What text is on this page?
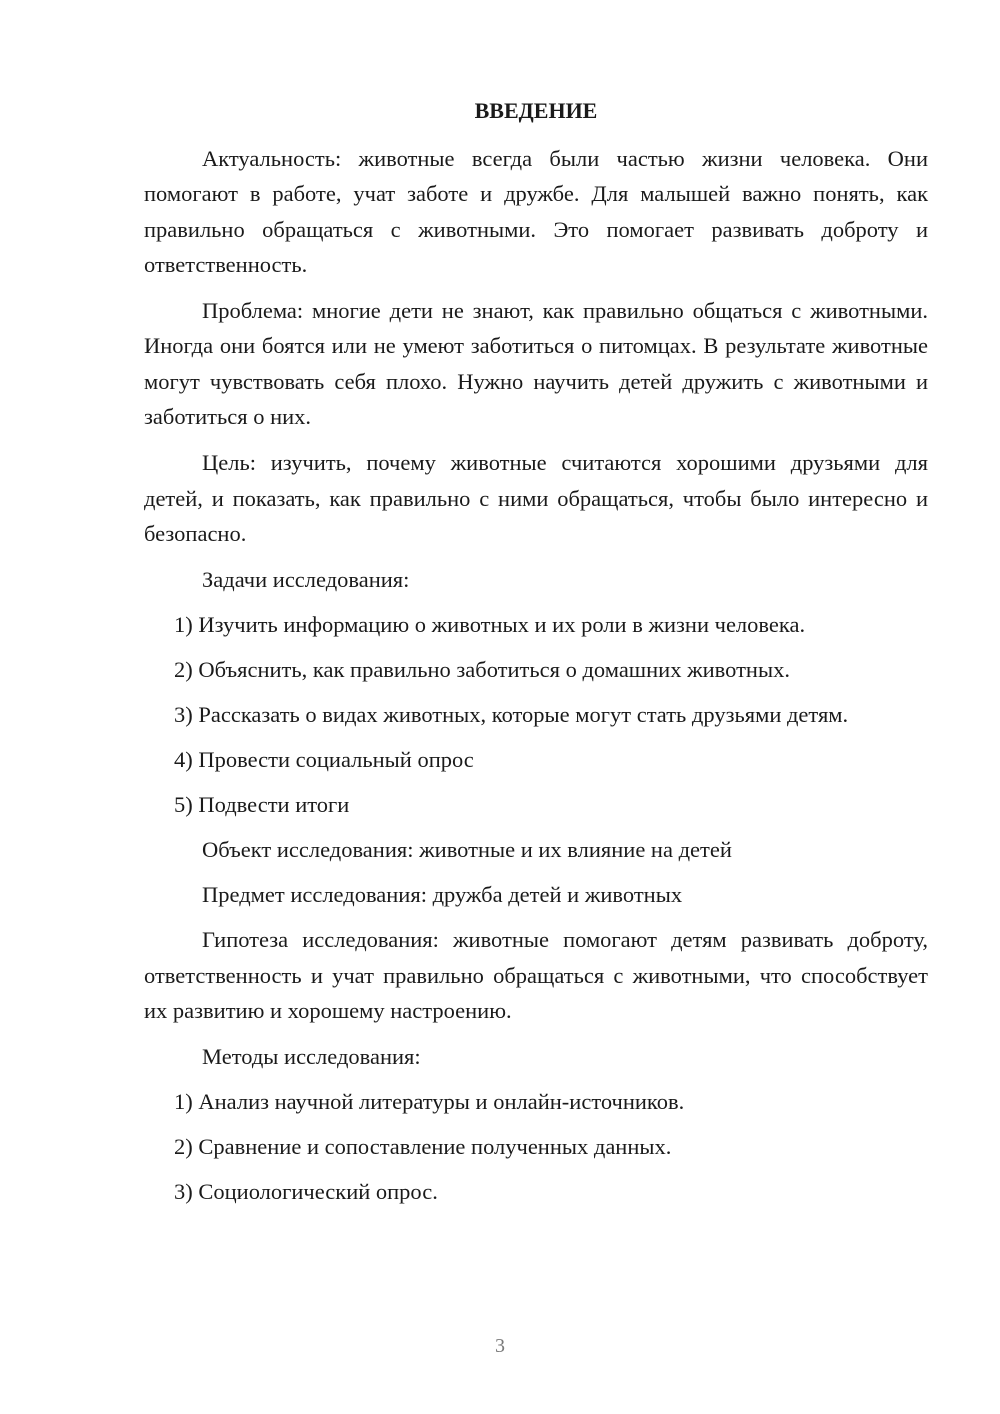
ВВЕДЕНИЕ

Актуальность: животные всегда были частью жизни человека. Они помогают в работе, учат заботе и дружбе. Для малышей важно понять, как правильно обращаться с животными. Это помогает развивать доброту и ответственность.

Проблема: многие дети не знают, как правильно общаться с животными. Иногда они боятся или не умеют заботиться о питомцах. В результате животные могут чувствовать себя плохо. Нужно научить детей дружить с животными и заботиться о них.

Цель: изучить, почему животные считаются хорошими друзьями для детей, и показать, как правильно с ними обращаться, чтобы было интересно и безопасно.

Задачи исследования:
1) Изучить информацию о животных и их роли в жизни человека.
2) Объяснить, как правильно заботиться о домашних животных.
3) Рассказать о видах животных, которые могут стать друзьями детям.
4) Провести социальный опрос
5) Подвести итоги
Объект исследования: животные и их влияние на детей
Предмет исследования: дружба детей и животных

Гипотеза исследования: животные помогают детям развивать доброту, ответственность и учат правильно обращаться с животными, что способствует их развитию и хорошему настроению.

Методы исследования:
1) Анализ научной литературы и онлайн-источников.
2) Сравнение и сопоставление полученных данных.
3) Социологический опрос.
3
